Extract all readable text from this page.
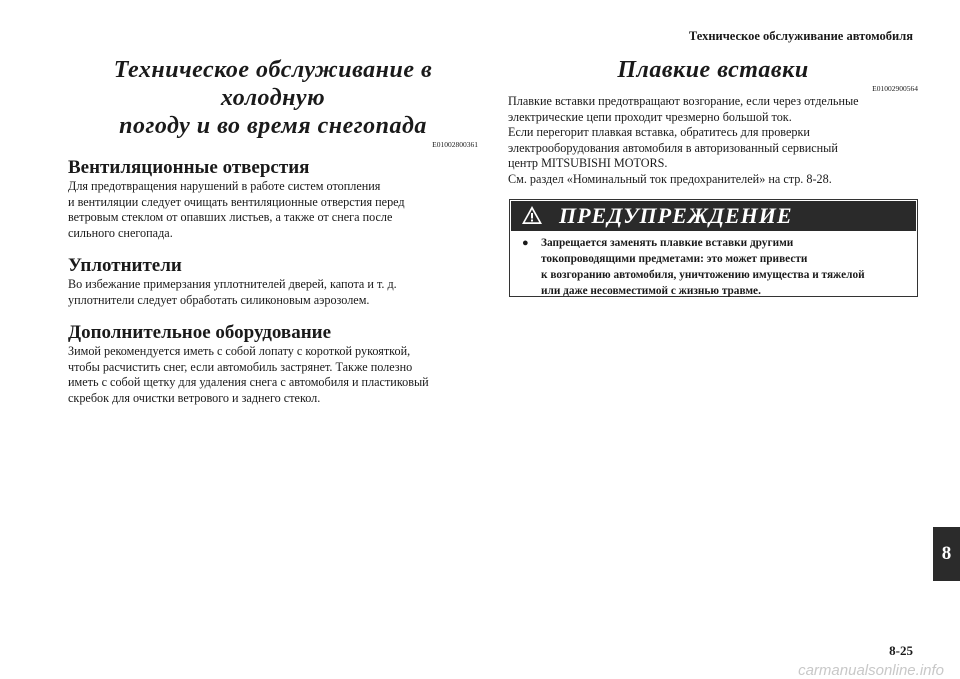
Техническое обслуживание автомобиля
Техническое обслуживание в холодную
погоду и во время снегопада
E01002800361
Вентиляционные отверстия
Для предотвращения нарушений в работе систем отопления
и вентиляции следует очищать вентиляционные отверстия перед
ветровым стеклом от опавших листьев, а также от снега после
сильного снегопада.
Уплотнители
Во избежание примерзания уплотнителей дверей, капота и т. д.
уплотнители следует обработать силиконовым аэрозолем.
Дополнительное оборудование
Зимой рекомендуется иметь с собой лопату с короткой рукояткой,
чтобы расчистить снег, если автомобиль застрянет. Также полезно
иметь с собой щетку для удаления снега с автомобиля и пластиковый
скребок для очистки ветрового и заднего стекол.
Плавкие вставки
E01002900564
Плавкие вставки предотвращают возгорание, если через отдельные
электрические цепи проходит чрезмерно большой ток.
Если перегорит плавкая вставка, обратитесь для проверки
электрооборудования автомобиля в авторизованный сервисный
центр MITSUBISHI MOTORS.
См. раздел «Номинальный ток предохранителей» на стр. 8-28.
ПРЕДУПРЕЖДЕНИЕ
● Запрещается заменять плавкие вставки другими
токопроводящими предметами: это может привести
к возгоранию автомобиля, уничтожению имущества и тяжелой
или даже несовместимой с жизнью травме.
8
8-25
carmanualsonline.info
